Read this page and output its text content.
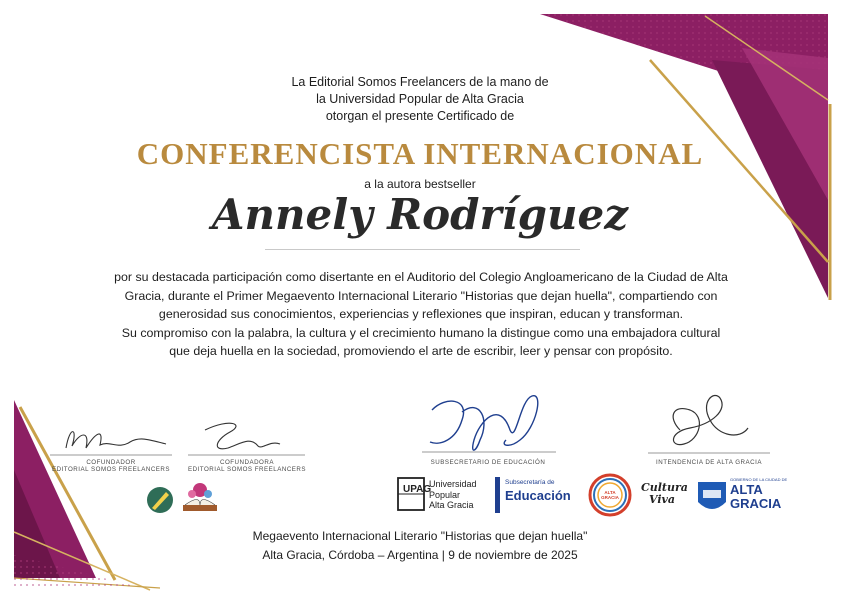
La Editorial Somos Freelancers de la mano de
la Universidad Popular de Alta Gracia
otorgan el presente Certificado de
CONFERENCISTA INTERNACIONAL
a la autora bestseller
Annely Rodríguez
por su destacada participación como disertante en el Auditorio del Colegio Angloamericano de la Ciudad de Alta
Gracia, durante el Primer Megaevento Internacional Literario "Historias que dejan huella", compartiendo con
generosidad sus conocimientos, experiencias y reflexiones que inspiran, educan y transforman.
Su compromiso con la palabra, la cultura y el crecimiento humano la distingue como una embajadora cultural
que deja huella en la sociedad, promoviendo el arte de escribir, leer y pensar con propósito.
COFUNDADOR
EDITORIAL SOMOS FREELANCERS
COFUNDADORA
EDITORIAL SOMOS FREELANCERS
SUBSECRETARIO DE EDUCACIÓN	INTENDENCIA DE ALTA GRACIA
UPAG
Universidad
Popular
Alta Gracia
Subsecretaría de
Educación	ALTA GRACIA
Cultura
Viva
GOBIERNO DE LA CIUDAD DE
ALTA
GRACIA
Megaevento Internacional Literario "Historias que dejan huella"
Alta Gracia, Córdoba – Argentina | 9 de noviembre de 2025
